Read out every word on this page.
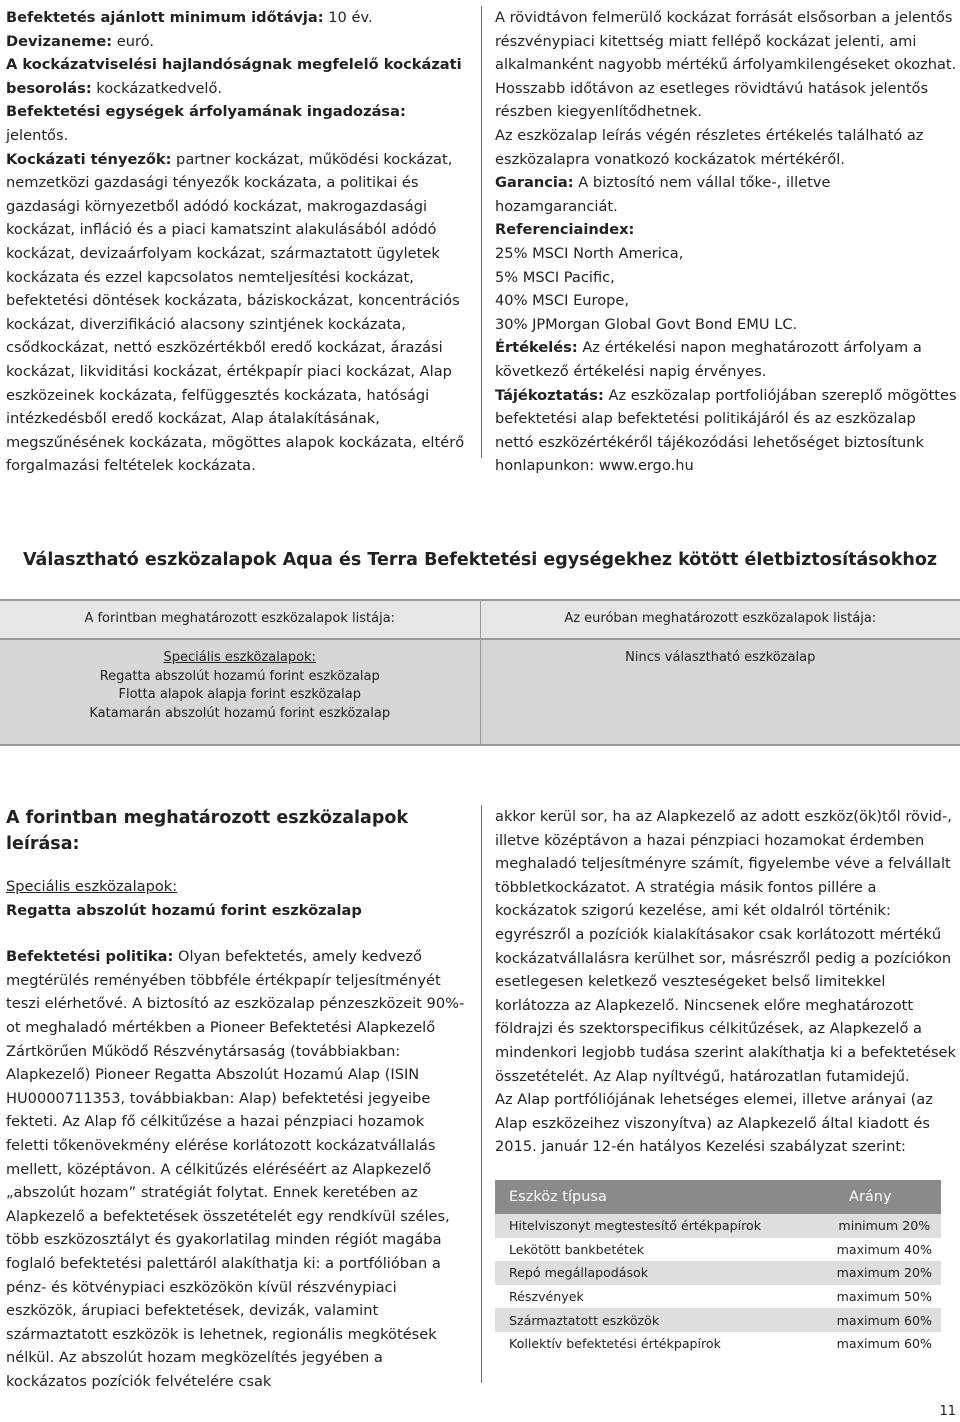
Befektetés ajánlott minimum időtávja: 10 év.

Devizaneme: euró.

A kockázatviselési hajlandóságnak megfelelő kockázati besorolás: kockázatkedvelő.

Befektetési egységek árfolyamának ingadozása: jelentős.

Kockázati tényezők: partner kockázat, működési kockázat, nemzetközi gazdasági tényezők kockázata, a politikai és gazdasági környezetből adódó kockázat, makrogazdasági kockázat, infláció és a piaci kamatszint alakulásából adódó kockázat, devizaárfolyam kockázat, származtatott ügyletek kockázata és ezzel kapcsolatos nemteljesítési kockázat, befektetési döntések kockázata, báziskockázat, koncentrációs kockázat, diverzifikáció alacsony szintjének kockázata, csődkockázat, nettó eszközértékből eredő kockázat, árazási kockázat, likviditási kockázat, értékpapír piaci kockázat, Alap eszközeinek kockázata, felfüggesztés kockázata, hatósági intézkedésből eredő kockázat, Alap átalakításának, megszűnésének kockázata, mögöttes alapok kockázata, eltérő forgalmazási feltételek kockázata.

A rövidtávon felmerülő kockázat forrását elsősorban a jelentős részvénypiaci kitettség miatt fellépő kockázat jelenti, ami alkalmanként nagyobb mértékű árfolyamkilengéseket okozhat. Hosszabb időtávon az esetleges rövidtávú hatások jelentős részben kiegyenlítődhetnek.

Az eszközalap leírás végén részletes értékelés található az eszközalapra vonatkozó kockázatok mértékéről.

Garancia: A biztosító nem vállal tőke-, illetve hozamgaranciát.

Referenciaindex:

25% MSCI North America,

5% MSCI Pacific,

40% MSCI Europe,

30% JPMorgan Global Govt Bond EMU LC.

Értékelés: Az értékelési napon meghatározott árfolyam a következő értékelési napig érvényes.

Tájékoztatás: Az eszközalap portfoliójában szereplő mögöttes befektetési alap befektetési politikájáról és az eszközalap nettó eszközértékéről tájékozódási lehetőséget biztosítunk honlapunkon: www.ergo.hu

Választható eszközalapok Aqua és Terra Befektetési egységekhez kötött életbiztosításokhoz
A forintban meghatározott eszközalapok listája:	Az euróban meghatározott eszközalapok listája:
Speciális eszközalapok:
Regatta abszolút hozamú forint eszközalap
Flotta alapok alapja forint eszközalap
Katamarán abszolút hozamú forint eszközalap
Nincs választható eszközalap
A forintban meghatározott eszközalapok leírása:

Speciális eszközalapok:

Regatta abszolút hozamú forint eszközalap

Befektetési politika: Olyan befektetés, amely kedvező megtérülés reményében többféle értékpapír teljesítményét teszi elérhetővé. A biztosító az eszközalap pénzeszközeit 90%-ot meghaladó mértékben a Pioneer Befektetési Alapkezelő Zártkörűen Működő Részvénytársaság (továbbiakban: Alapkezelő) Pioneer Regatta Abszolút Hozamú Alap (ISIN HU0000711353, továbbiakban: Alap) befektetési jegyeibe fekteti. Az Alap fő célkitűzése a hazai pénzpiaci hozamok feletti tőkenövekmény elérése korlátozott kockázatvállalás mellett, középtávon. A célkitűzés eléréséért az Alapkezelő „abszolút hozam” stratégiát folytat. Ennek keretében az Alapkezelő a befektetések összetételét egy rendkívül széles, több eszközosztályt és gyakorlatilag minden régiót magába foglaló befektetési palettáról alakíthatja ki: a portfólióban a pénz- és kötvénypiaci eszközökön kívül részvénypiaci eszközök, árupiaci befektetések, devizák, valamint származtatott eszközök is lehetnek, regionális megkötések nélkül. Az abszolút hozam megközelítés jegyében a kockázatos pozíciók felvételére csak

akkor kerül sor, ha az Alapkezelő az adott eszköz(ök)től rövid-, illetve középtávon a hazai pénzpiaci hozamokat érdemben meghaladó teljesítményre számít, figyelembe véve a felvállalt többletkockázatot. A stratégia másik fontos pillére a kockázatok szigorú kezelése, ami két oldalról történik: egyrészről a pozíciók kialakításakor csak korlátozott mértékű kockázatvállalásra kerülhet sor, másrészről pedig a pozíciókon esetlegesen keletkező veszteségeket belső limitekkel korlátozza az Alapkezelő. Nincsenek előre meghatározott földrajzi és szektorspecifikus célkitűzések, az Alapkezelő a mindenkori legjobb tudása szerint alakíthatja ki a befektetések összetételét. Az Alap nyíltvégű, határozatlan futamidejű.

Az Alap portfóliójának lehetséges elemei, illetve arányai (az Alap eszközeihez viszonyítva) az Alapkezelő által kiadott és 2015. január 12-én hatályos Kezelési szabályzat szerint:

Eszköz típusa	Arány
Hitelviszonyt megtestesítő értékpapírok	minimum 20%
Lekötött bankbetétek	maximum 40%
Repó megállapodások	maximum 20%
Részvények	maximum 50%
Származtatott eszközök	maximum 60%
Kollektív befektetési értékpapírok	maximum 60%
11
